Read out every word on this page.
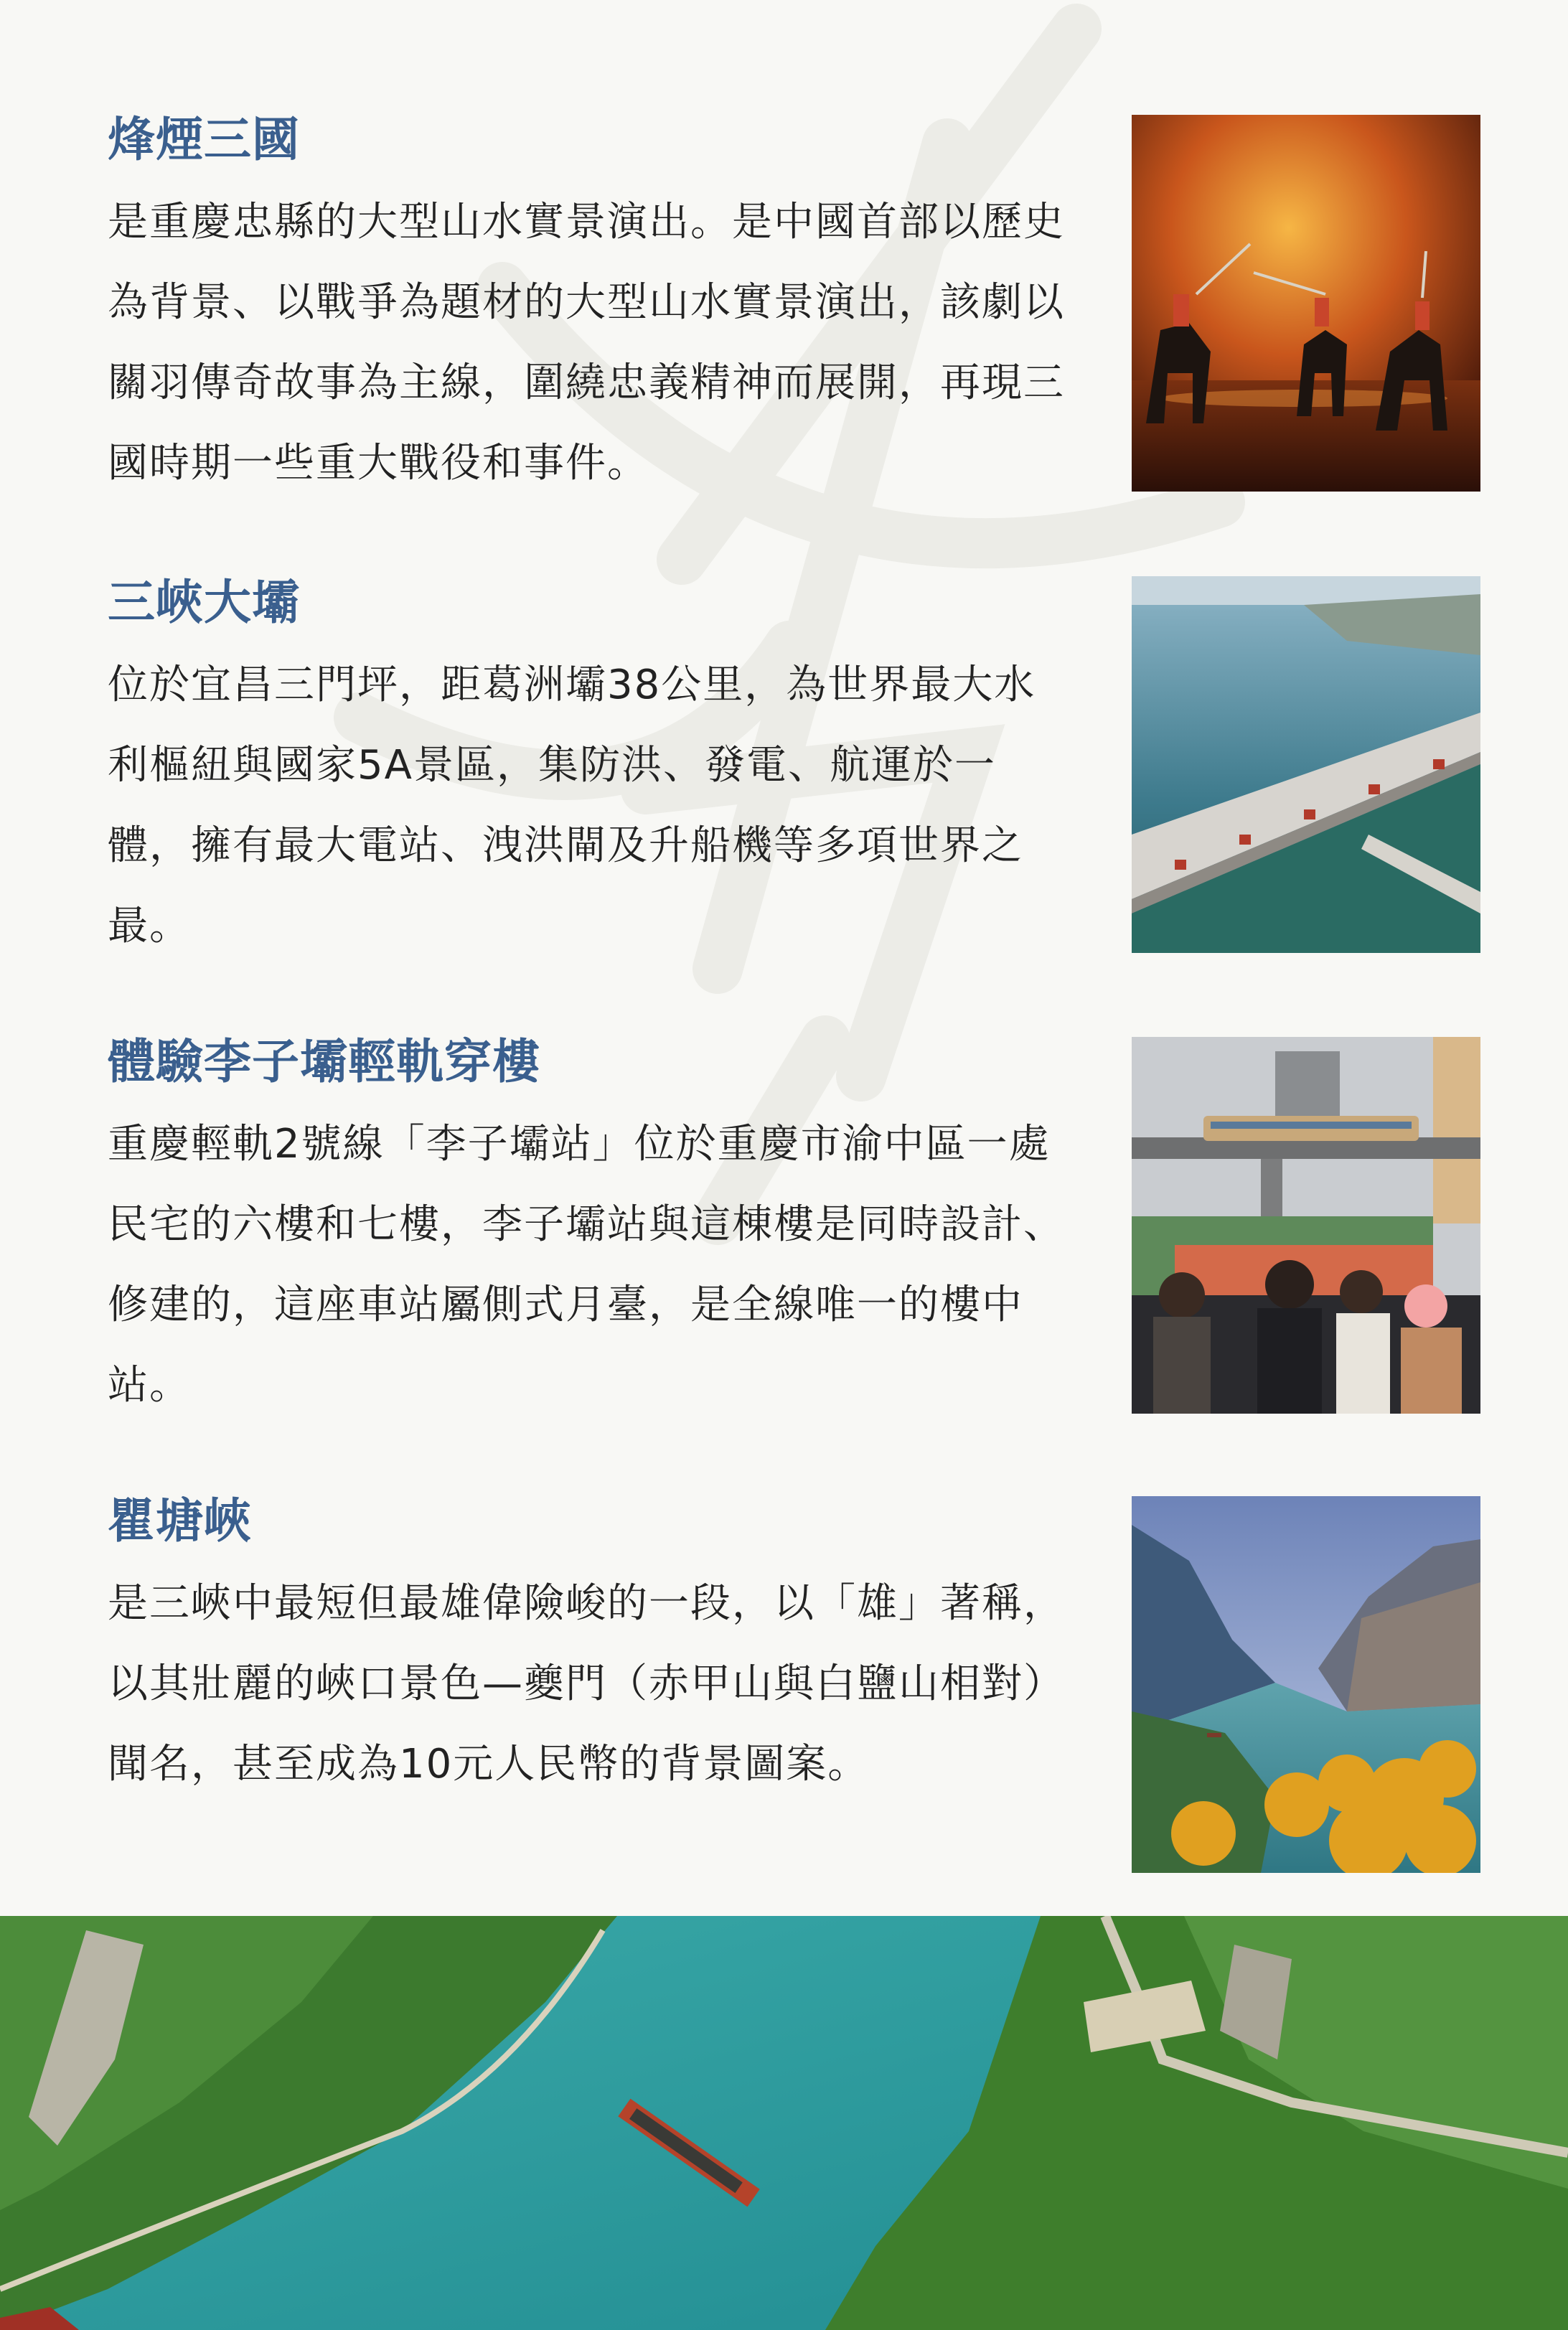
烽煙三國

是重慶忠縣的大型山水實景演出。是中國首部以歷史為背景、以戰爭為題材的大型山水實景演出，該劇以關羽傳奇故事為主線，圍繞忠義精神而展開，再現三國時期一些重大戰役和事件。

三峽大壩

位於宜昌三門坪，距葛洲壩38公里，為世界最大水利樞紐與國家5A景區，集防洪、發電、航運於一體，擁有最大電站、洩洪閘及升船機等多項世界之最。

體驗李子壩輕軌穿樓

重慶輕軌2號線「李子壩站」位於重慶市渝中區一處民宅的六樓和七樓，李子壩站與這棟樓是同時設計、修建的，這座車站屬側式月臺，是全線唯一的樓中站。

瞿塘峽

是三峽中最短但最雄偉險峻的一段，以「雄」著稱，以其壯麗的峽口景色—夔門（赤甲山與白鹽山相對）聞名，甚至成為10元人民幣的背景圖案。
